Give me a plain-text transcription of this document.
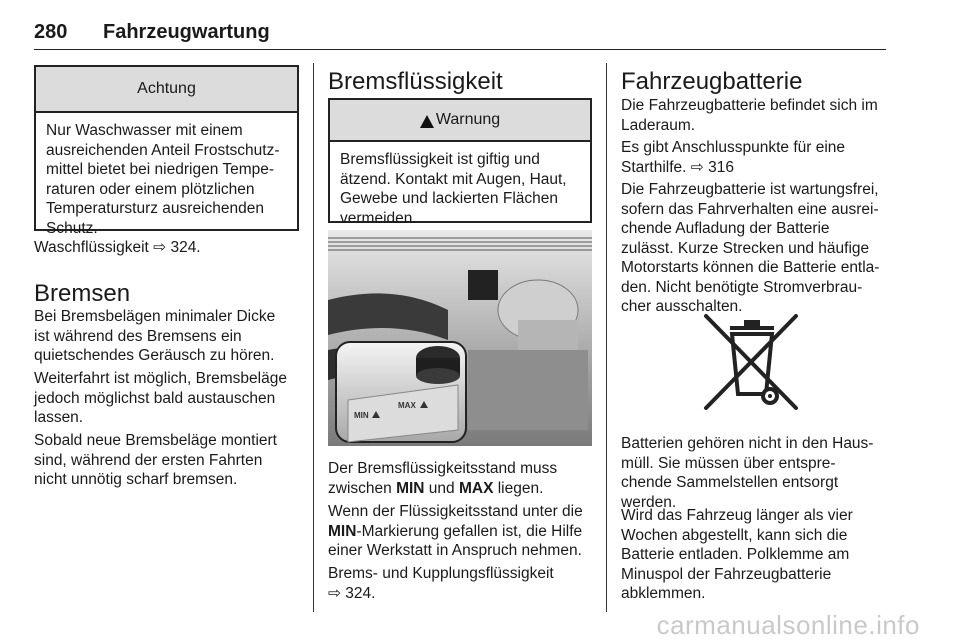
280 Fahrzeugwartung
Achtung
Nur Waschwasser mit einem
ausreichenden Anteil Frostschutz-
mittel bietet bei niedrigen Tempe-
raturen oder einem plötzlichen
Temperatursturz ausreichenden
Schutz.
Waschflüssigkeit ⇨ 324.
Bremsen
Bei Bremsbelägen minimaler Dicke
ist während des Bremsens ein
quietschendes Geräusch zu hören.
Weiterfahrt ist möglich, Bremsbeläge
jedoch möglichst bald austauschen
lassen.
Sobald neue Bremsbeläge montiert
sind, während der ersten Fahrten
nicht unnötig scharf bremsen.
Bremsflüssigkeit
Warnung
Bremsflüssigkeit ist giftig und
ätzend. Kontakt mit Augen, Haut,
Gewebe und lackierten Flächen
vermeiden.
MAX
MIN
Der Bremsflüssigkeitsstand muss
zwischen MIN und MAX liegen.
Wenn der Flüssigkeitsstand unter die
MIN-Markierung gefallen ist, die Hilfe
einer Werkstatt in Anspruch nehmen.
Brems- und Kupplungsflüssigkeit
⇨ 324.
Fahrzeugbatterie
Die Fahrzeugbatterie befindet sich im
Laderaum.
Es gibt Anschlusspunkte für eine
Starthilfe. ⇨ 316
Die Fahrzeugbatterie ist wartungsfrei,
sofern das Fahrverhalten eine ausrei-
chende Aufladung der Batterie
zulässt. Kurze Strecken und häufige
Motorstarts können die Batterie entla-
den. Nicht benötigte Stromverbrau-
cher ausschalten.
Batterien gehören nicht in den Haus-
müll. Sie müssen über entspre-
chende Sammelstellen entsorgt
werden.
Wird das Fahrzeug länger als vier
Wochen abgestellt, kann sich die
Batterie entladen. Polklemme am
Minuspol der Fahrzeugbatterie
abklemmen.
carmanualsonline.info
